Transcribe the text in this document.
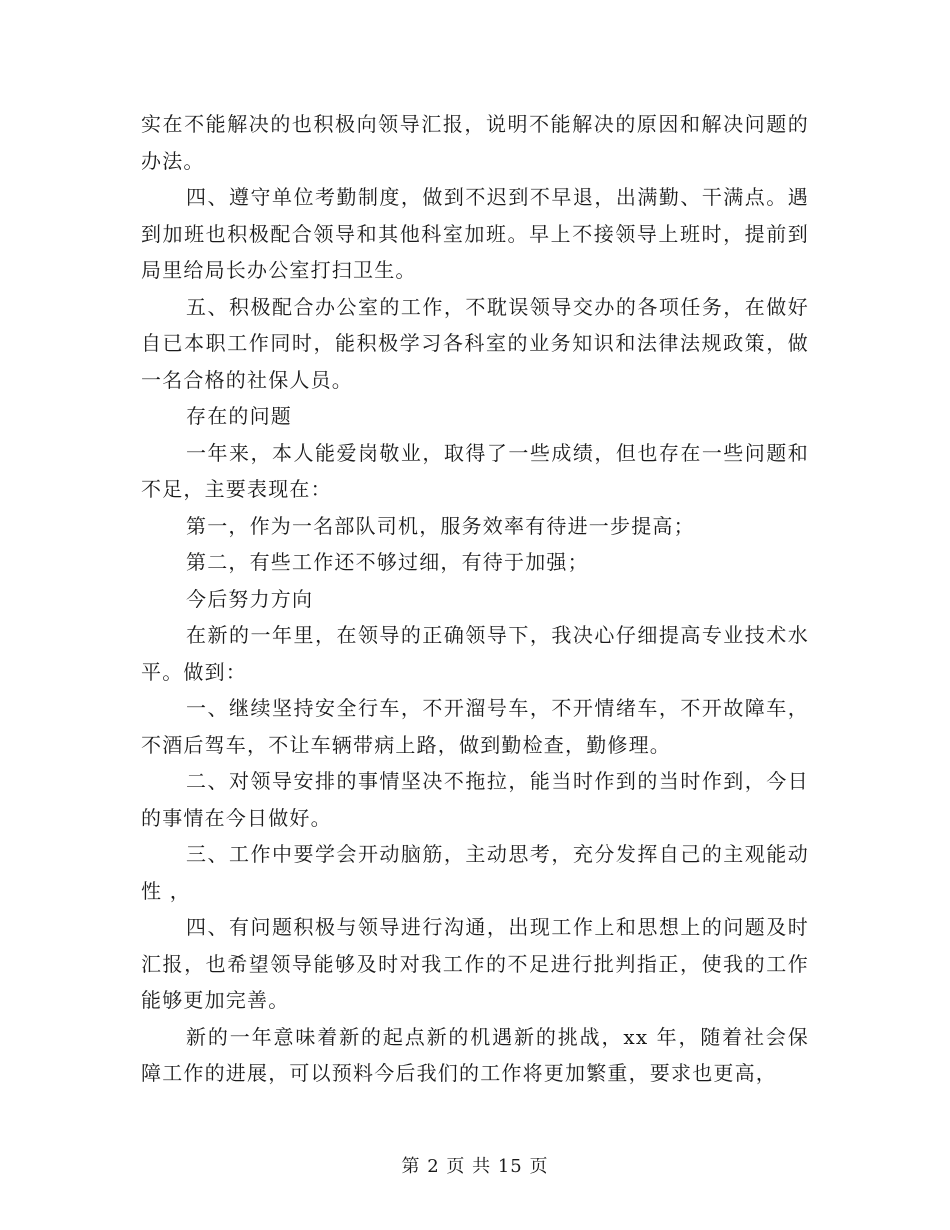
实在不能解决的也积极向领导汇报，说明不能解决的原因和解决问题的办法。

四、遵守单位考勤制度，做到不迟到不早退，出满勤、干满点。遇到加班也积极配合领导和其他科室加班。早上不接领导上班时，提前到局里给局长办公室打扫卫生。

五、积极配合办公室的工作，不耽误领导交办的各项任务，在做好自已本职工作同时，能积极学习各科室的业务知识和法律法规政策，做一名合格的社保人员。

存在的问题

一年来，本人能爱岗敬业，取得了一些成绩，但也存在一些问题和不足，主要表现在：

第一，作为一名部队司机，服务效率有待进一步提高；

第二，有些工作还不够过细，有待于加强；

今后努力方向

在新的一年里，在领导的正确领导下，我决心仔细提高专业技术水平。做到：

一、继续坚持安全行车，不开溜号车，不开情绪车，不开故障车，不酒后驾车，不让车辆带病上路，做到勤检查，勤修理。

二、对领导安排的事情坚决不拖拉，能当时作到的当时作到，今日的事情在今日做好。

三、工作中要学会开动脑筋，主动思考，充分发挥自己的主观能动性 ，

四、有问题积极与领导进行沟通，出现工作上和思想上的问题及时汇报，也希望领导能够及时对我工作的不足进行批判指正，使我的工作能够更加完善。

新的一年意味着新的起点新的机遇新的挑战，xx 年，随着社会保障工作的进展，可以预料今后我们的工作将更加繁重，要求也更高，

第 2 页 共 15 页
